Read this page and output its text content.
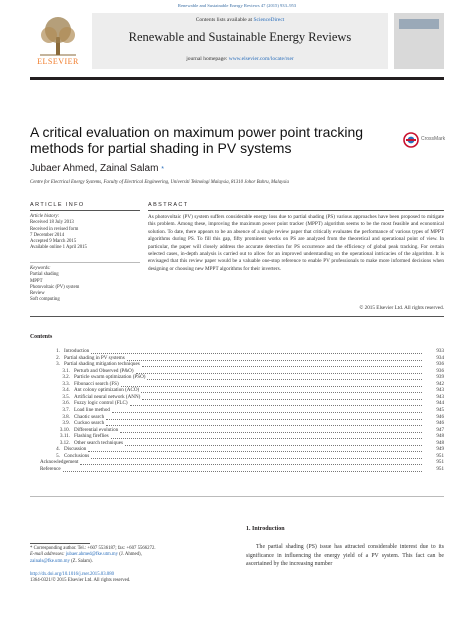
Renewable and Sustainable Energy Reviews 47 (2015) 933–953
ELSEVIER
Contents lists available at ScienceDirect
Renewable and Sustainable Energy Reviews
journal homepage: www.elsevier.com/locate/rser
A critical evaluation on maximum power point tracking methods for partial shading in PV systems
CrossMark
Jubaer Ahmed, Zainal Salam *
Centre for Electrical Energy Systems, Faculty of Electrical Engineering, Universiti Teknologi Malaysia, 81310 Johor Bahru, Malaysia
ARTICLE INFO
Article history:
Received 18 July 2013
Received in revised form
7 December 2014
Accepted 9 March 2015
Available online 1 April 2015
Keywords:
Partial shading
MPPT
Photovoltaic (PV) system
Review
Soft computing
ABSTRACT
As photovoltaic (PV) system suffers considerable energy loss due to partial shading (PS) various approaches have been proposed to mitigate this problem. Among these, improving the maximum power point tracker (MPPT) algorithm seems to be the most feasible and economical solution. To date, there appears to be an absence of a single review paper that critically evaluates the performance of various types of MPPT algorithms during PS. To fill this gap, fifty prominent works on PS are analyzed from the theoretical and operational point of view. In particular, the paper will closely address the accurate detection for PS occurrence and the efficiency of global peak tracking. For certain selected cases, in-depth analysis is carried out to allow for an improved understanding on the operational intricacies of the algorithm. It is envisaged that this review paper would be a valuable one-stop reference to enable PV professionals to make more informed decisions when designing or choosing new MPPT algorithms for their inverters.
© 2015 Elsevier Ltd. All rights reserved.
Contents
1. Introduction	933
2. Partial shading in PV systems	934
3. Partial shading mitigation techniques	936
3.1. Perturb and Observed (P&O)	936
3.2. Particle swarm optimization (PSO)	939
3.3. Fibonacci search (FS)	942
3.4. Ant colony optimization (ACO)	943
3.5. Artificial neural network (ANN)	943
3.6. Fuzzy logic control (FLC)	944
3.7. Load line method	945
3.8. Chaotic search	946
3.9. Cuckoo search	946
3.10. Differential evolution	947
3.11. Flashing fireflies	948
3.12. Other search techniques	948
4. Discussion	949
5. Conclusions	951
Acknowledgement	951
Reference	951
* Corresponding author. Tel.: +607 5536187; fax: +607 5566272.
E-mail addresses: jubaer.ahmed@fke.utm.my (J. Ahmed),
zainals@fke.utm.my (Z. Salam).
http://dx.doi.org/10.1016/j.rser.2015.03.080
1364-0321/© 2015 Elsevier Ltd. All rights reserved.
1. Introduction
The partial shading (PS) issue has attracted considerable interest due to its significance in influencing the energy yield of a PV system. This fact can be ascertained by the increasing number
